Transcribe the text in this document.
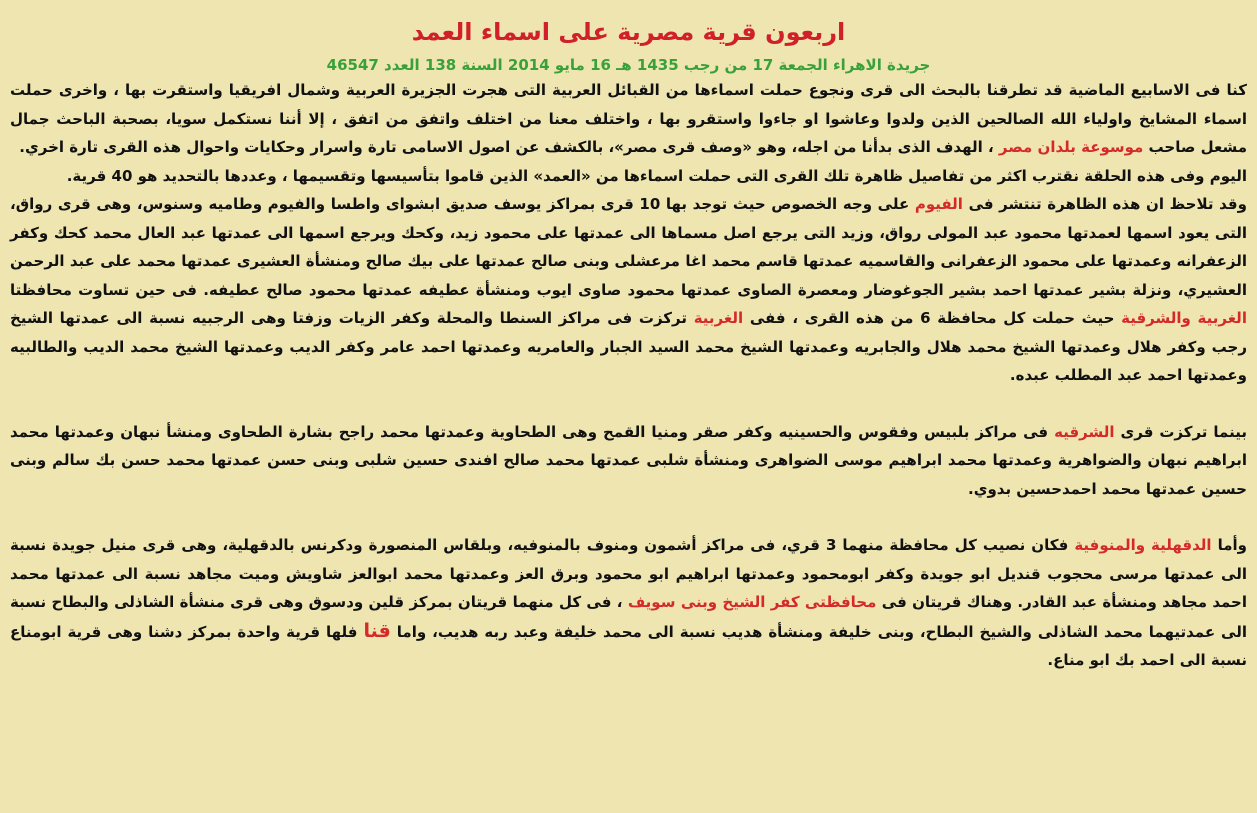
اربعون قرية مصرية على اسماء العمد
جريدة الاهراء الجمعة 17 من رجب 1435 هـ 16 مايو 2014 السنة 138 العدد 46547

كنا فى الاسابيع الماضية قد تطرقنا بالبحث الى قرى ونجوع حملت اسماءها من القبائل العربية التى هجرت الجزيرة العربية وشمال افريقيا واستقرت بها ، واخرى حملت اسماء المشايخ واولياء الله الصالحين الذين ولدوا وعاشوا او جاءوا واستقرو بها ، واختلف معنا من اختلف واتفق من اتفق ، إلا أننا نستكمل سويا، بصحبة الباحث جمال مشعل صاحب موسوعة بلدان مصر ، الهدف الذى بدأنا من اجله، وهو «وصف قرى مصر»، بالكشف عن اصول الاسامى تارة واسرار وحكايات واحوال هذه القرى تارة اخري.

اليوم وفى هذه الحلقة نقترب اكثر من تفاصيل ظاهرة تلك القرى التى حملت اسماءها من «العمد» الذين قاموا بتأسيسها وتقسيمها ، وعددها بالتحديد هو 40 قرية.

وقد تلاحظ ان هذه الظاهرة تنتشر فى الفيوم على وجه الخصوص حيث توجد بها 10 قرى بمراكز يوسف صديق ابشواى واطسا والفيوم وطاميه وسنوس، وهى قرى رواق، التى يعود اسمها لعمدتها محمود عبد المولى رواق، وزيد التى يرجع اصل مسماها الى عمدتها على محمود زيد، وكحك ويرجع اسمها الى عمدتها عبد العال محمد كحك وكفر الزعفرانه وعمدتها على محمود الزعفرانى والقاسميه عمدتها قاسم محمد اغا مرعشلى وبنى صالح عمدتها على بيك صالح ومنشأة العشيرى عمدتها محمد على عبد الرحمن العشيري، ونزلة بشير عمدتها احمد بشير الجوغوضار ومعصرة الصاوى عمدتها محمود صاوى ايوب ومنشأة عطيفه عمدتها محمود صالح عطيفه. فى حين تساوت محافظتا الغربية والشرقية حيث حملت كل محافظة 6 من هذه القرى ، ففى الغربية تركزت فى مراكز السنطا والمحلة وكفر الزيات وزفتا وهى الرجبيه نسبة الى عمدتها الشيخ رجب وكفر هلال وعمدتها الشيخ محمد هلال والجابريه وعمدتها الشيخ محمد السيد الجبار والعامريه وعمدتها احمد عامر وكفر الديب وعمدتها الشيخ محمد الديب والطالبيه وعمدتها احمد عبد المطلب عبده.

بينما تركزت قرى الشرقيه فى مراكز بلبيس وفقوس والحسينيه وكفر صقر ومنيا القمح وهى الطحاوية وعمدتها محمد راجح بشارة الطحاوى ومنشأ نبهان وعمدتها محمد ابراهيم نبهان والضواهرية وعمدتها محمد ابراهيم موسى الضواهرى ومنشأة شلبى عمدتها محمد صالح افندى حسين شلبى وبنى حسن عمدتها محمد حسن بك سالم وبنى حسين عمدتها محمد احمدحسين بدوي.

وأما الدقهلية والمنوفية فكان نصيب كل محافظة منهما 3 قري، فى مراكز أشمون ومنوف بالمنوفيه، وبلقاس المنصورة ودكرنس بالدقهلية، وهى قرى منيل جويدة نسبة الى عمدتها مرسى محجوب قنديل ابو جويدة وكفر ابومحمود وعمدتها ابراهيم ابو محمود وبرق العز وعمدتها محمد ابوالعز شاويش وميت مجاهد نسبة الى عمدتها محمد احمد مجاهد ومنشأة عبد القادر. وهناك قريتان فى محافظتى كفر الشيخ وبنى سويف ، فى كل منهما قريتان بمركز قلين ودسوق وهى قرى منشأة الشاذلى والبطاح نسبة الى عمدتيهما محمد الشاذلى والشيخ البطاح، وبنى خليفة ومنشأة هديب نسبة الى محمد خليفة وعبد ربه هديب، واما قنا فلها قرية واحدة بمركز دشنا وهى قرية ابومناع نسبة الى احمد بك ابو مناع.
